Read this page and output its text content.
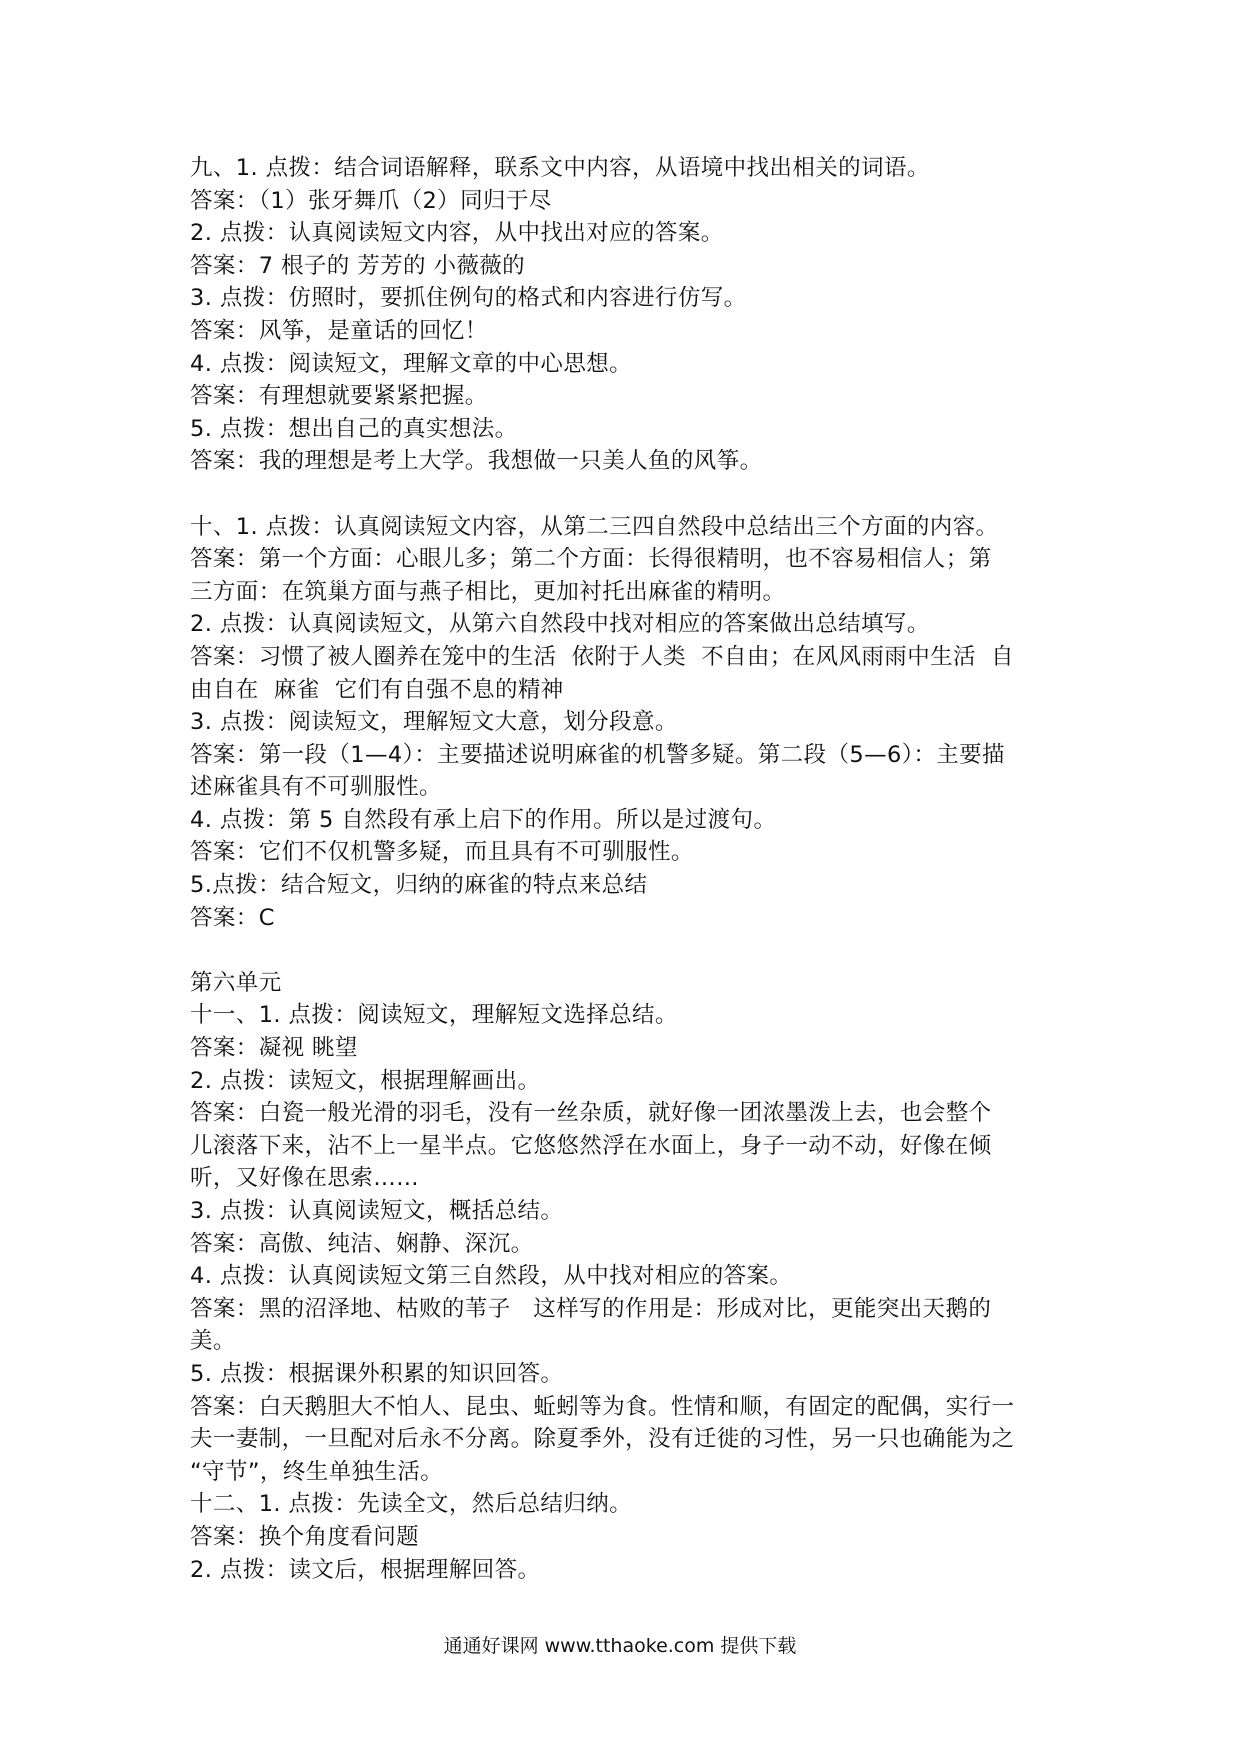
九、1. 点拨：结合词语解释，联系文中内容，从语境中找出相关的词语。
答案：（1）张牙舞爪（2）同归于尽
2. 点拨：认真阅读短文内容，从中找出对应的答案。
答案：7 根子的 芳芳的 小薇薇的
3. 点拨：仿照时，要抓住例句的格式和内容进行仿写。
答案：风筝，是童话的回忆！
4. 点拨：阅读短文，理解文章的中心思想。
答案：有理想就要紧紧把握。
5. 点拨：想出自己的真实想法。
答案：我的理想是考上大学。我想做一只美人鱼的风筝。
十、1. 点拨：认真阅读短文内容，从第二三四自然段中总结出三个方面的内容。
答案：第一个方面：心眼儿多；第二个方面：长得很精明，也不容易相信人；第
三方面：在筑巢方面与燕子相比，更加衬托出麻雀的精明。
2. 点拨：认真阅读短文，从第六自然段中找对相应的答案做出总结填写。
答案：习惯了被人圈养在笼中的生活  依附于人类  不自由；在风风雨雨中生活  自
由自在  麻雀  它们有自强不息的精神
3. 点拨：阅读短文，理解短文大意，划分段意。
答案：第一段（1—4）：主要描述说明麻雀的机警多疑。第二段（5—6）：主要描
述麻雀具有不可驯服性。
4. 点拨：第 5 自然段有承上启下的作用。所以是过渡句。
答案：它们不仅机警多疑，而且具有不可驯服性。
5.点拨：结合短文，归纳的麻雀的特点来总结
答案：C
第六单元
十一、1. 点拨：阅读短文，理解短文选择总结。
答案：凝视 眺望
2. 点拨：读短文，根据理解画出。
答案：白瓷一般光滑的羽毛，没有一丝杂质，就好像一团浓墨泼上去，也会整个
儿滚落下来，沾不上一星半点。它悠悠然浮在水面上，身子一动不动，好像在倾
听，又好像在思索……
3. 点拨：认真阅读短文，概括总结。
答案：高傲、纯洁、娴静、深沉。
4. 点拨：认真阅读短文第三自然段，从中找对相应的答案。
答案：黑的沼泽地、枯败的苇子   这样写的作用是：形成对比，更能突出天鹅的
美。
5. 点拨：根据课外积累的知识回答。
答案：白天鹅胆大不怕人、昆虫、蚯蚓等为食。性情和顺，有固定的配偶，实行一
夫一妻制，一旦配对后永不分离。除夏季外，没有迁徙的习性，另一只也确能为之
“守节”，终生单独生活。
十二、1. 点拨：先读全文，然后总结归纳。
答案：换个角度看问题
2. 点拨：读文后，根据理解回答。
通通好课网 www.tthaoke.com 提供下载
